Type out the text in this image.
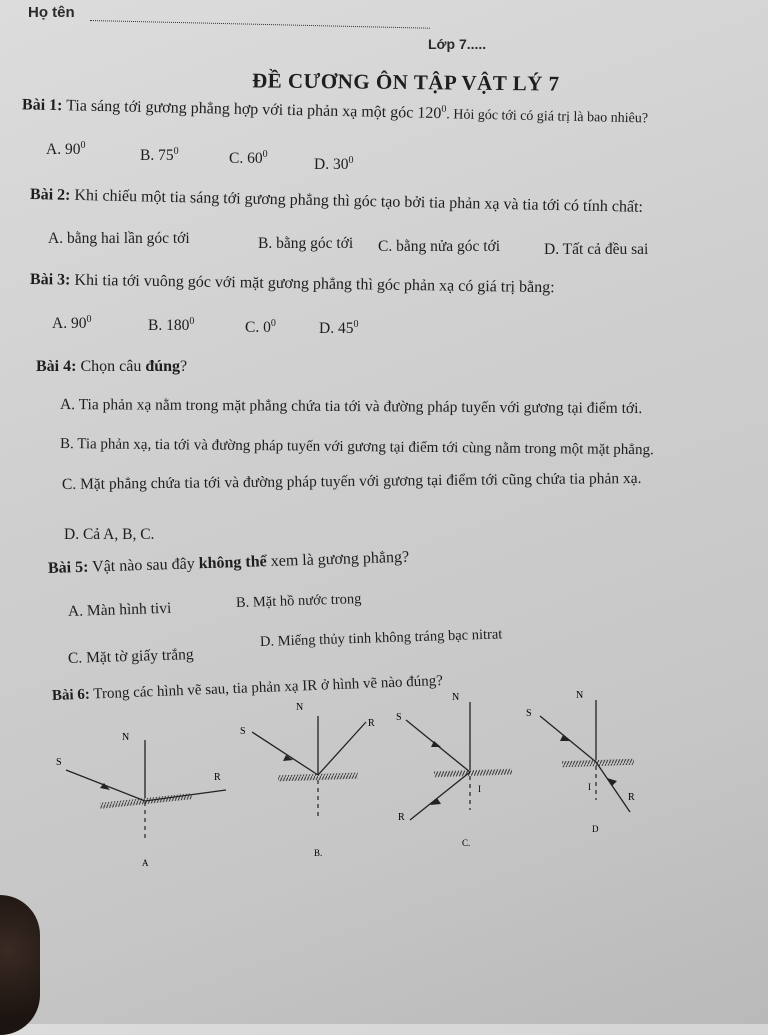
Họ tên
Lớp 7.....
ĐỀ CƯƠNG ÔN TẬP VẬT LÝ 7
Bài 1: Tia sáng tới gương phẳng hợp với tia phản xạ một góc $120^0$. Hỏi góc tới có giá trị là bao nhiêu?
A. $90^0$
B. $75^0$	C. $60^0$
D. $30^0$
Bài 2: Khi chiếu một tia sáng tới gương phẳng thì góc tạo bởi tia phản xạ và tia tới có tính chất:
A. bằng hai lần góc tới	B. bằng góc tới C. bằng nửa góc tới	D. Tất cả đều sai
Bài 3: Khi tia tới vuông góc với mặt gương phẳng thì góc phản xạ có giá trị bằng:
A. $90^0$	B. $180^0$	C. $0^0$	D. $45^0$
Bài 4: Chọn câu đúng?
A. Tia phản xạ nằm trong mặt phẳng chứa tia tới và đường pháp tuyến với gương tại điểm tới.
B. Tia phản xạ, tia tới và đường pháp tuyến với gương tại điểm tới cùng nằm trong một mặt phẳng.
C. Mặt phẳng chứa tia tới và đường pháp tuyến với gương tại điểm tới cũng chứa tia phản xạ.
D. Cả A, B, C.
Bài 5: Vật nào sau đây không thể xem là gương phẳng?
A. Màn hình tivi	B. Mặt hồ nước trong
C. Mặt tờ giấy trắng
D. Miếng thủy tinh không tráng bạc nitrat
Bài 6: Trong các hình vẽ sau, tia phản xạ IR ở hình vẽ nào đúng?
S
N
R
A
S
N
R
B.
S
N
R
I
C.
S
N
R
I
D
